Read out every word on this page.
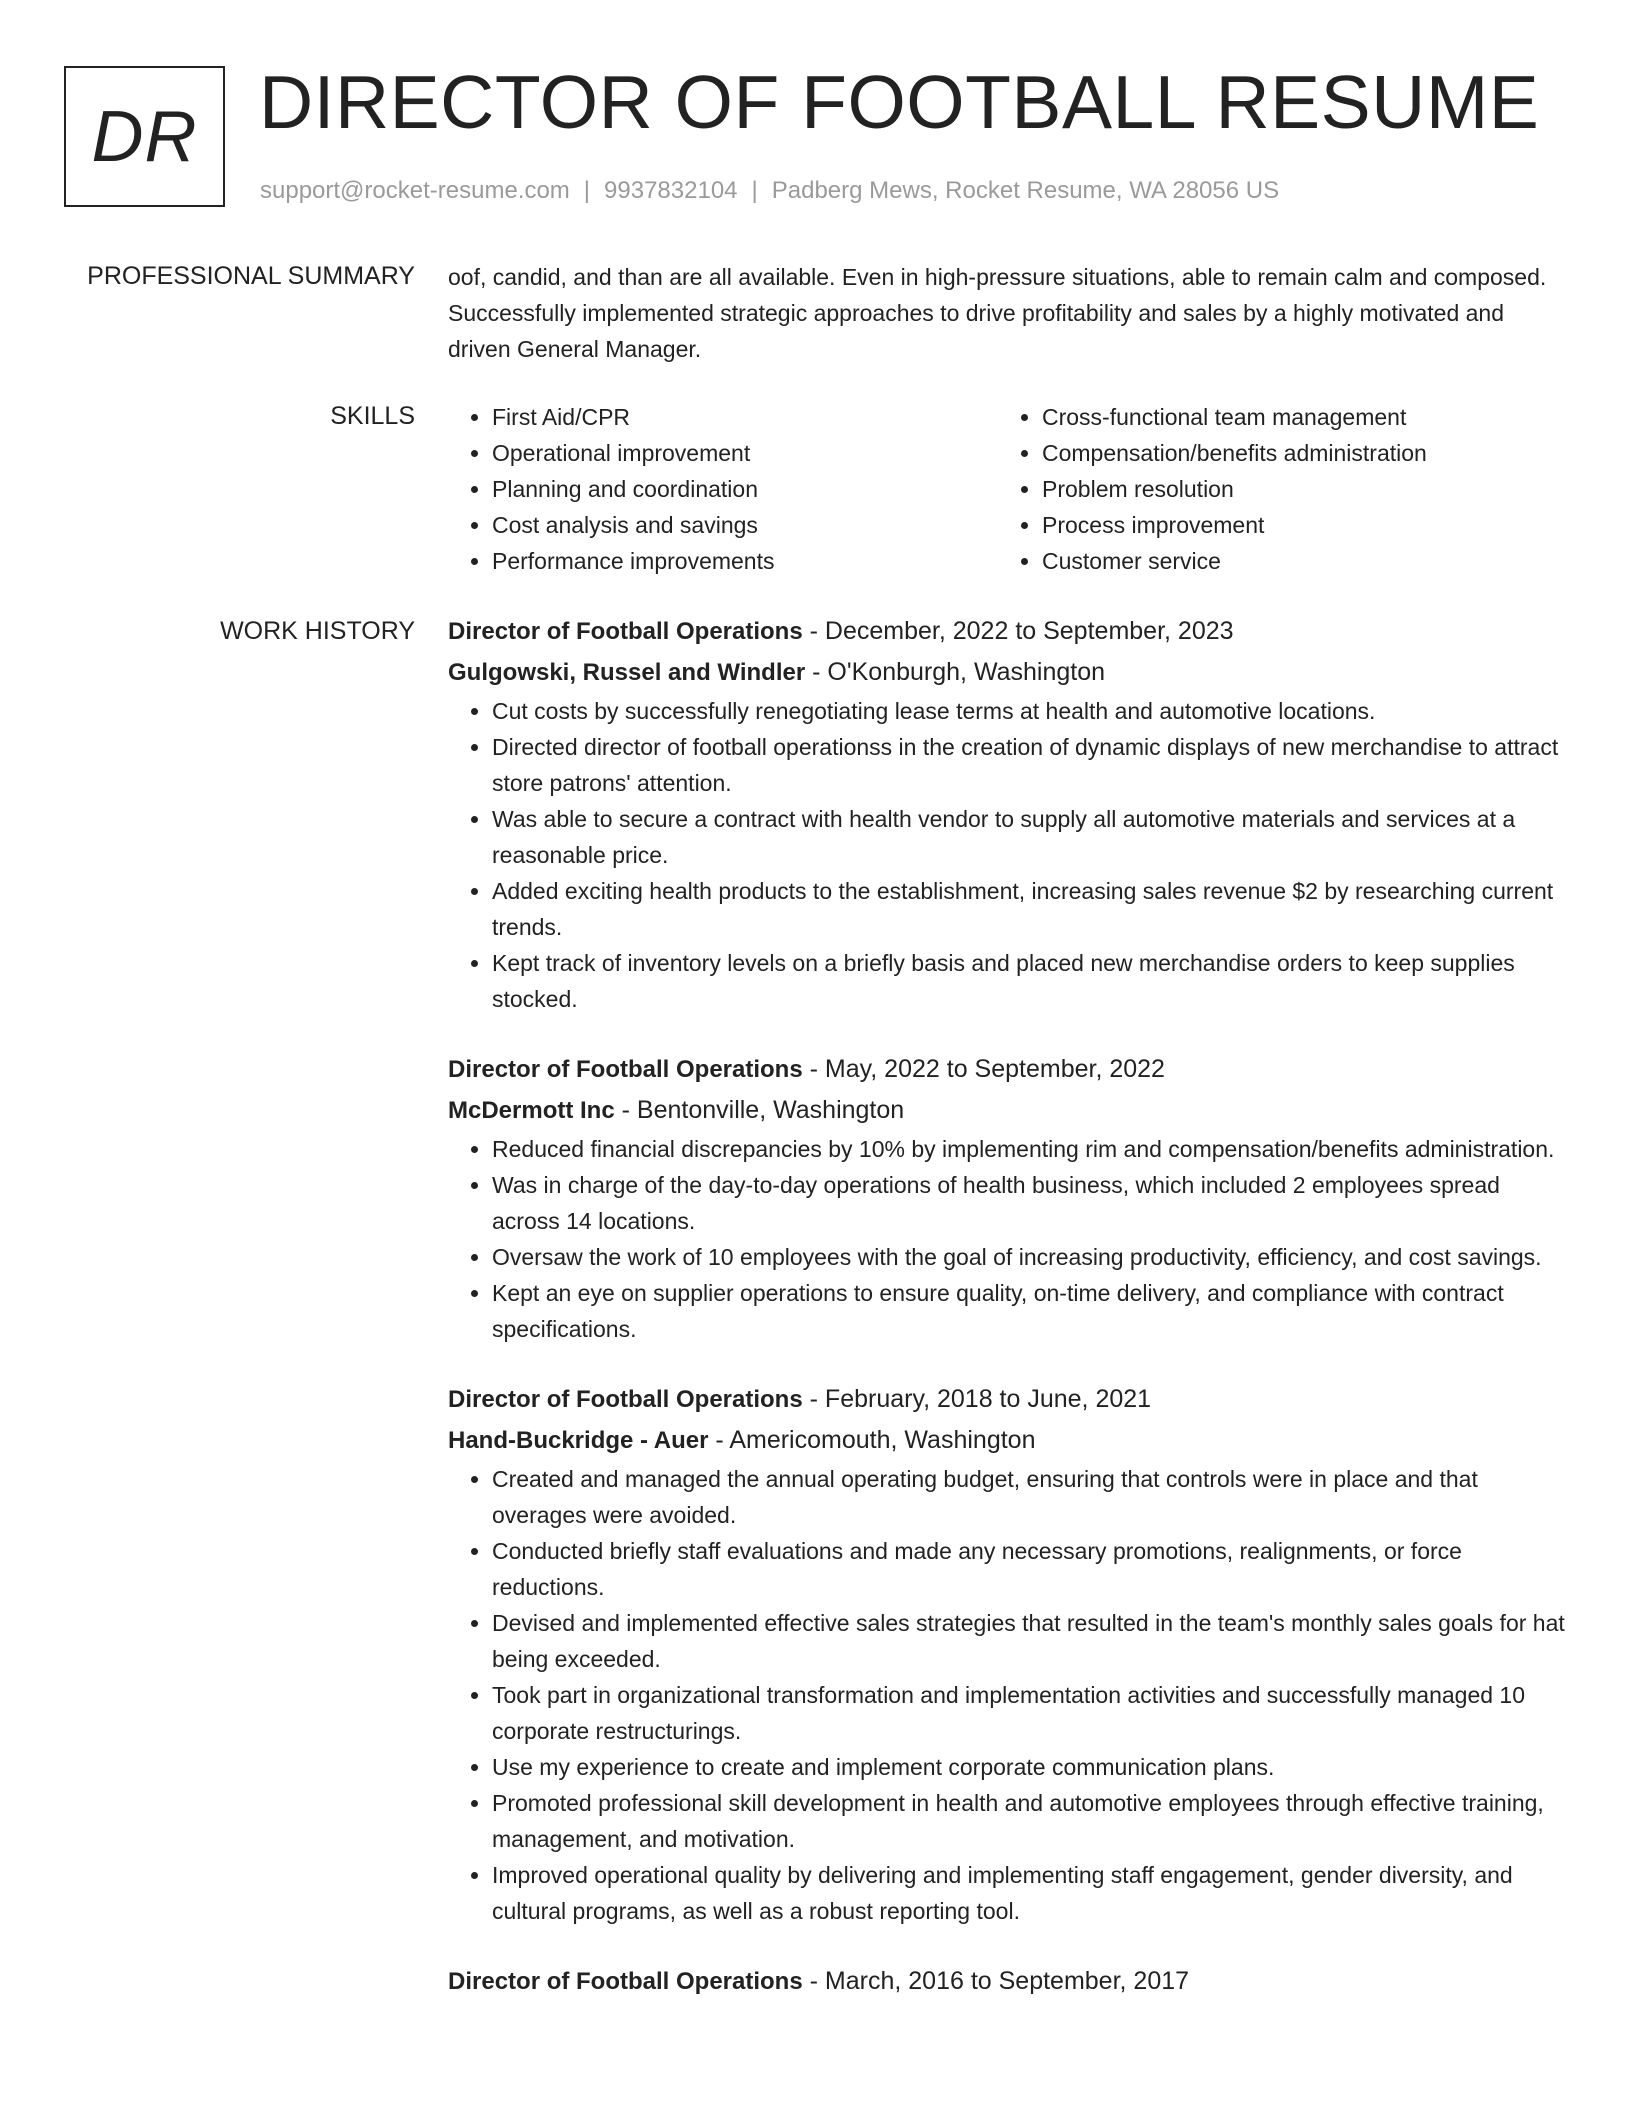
DR DIRECTOR OF FOOTBALL RESUME
support@rocket-resume.com | 9937832104 | Padberg Mews, Rocket Resume, WA 28056 US
PROFESSIONAL SUMMARY oof, candid, and than are all available. Even in high-pressure situations, able to remain calm and composed. Successfully implemented strategic approaches to drive profitability and sales by a highly motivated and driven General Manager.

SKILLS
•	First Aid/CPR
• Operational improvement
• Planning and coordination
• Cost analysis and savings
• Performance improvements
• Cross-functional team management
• Compensation/benefits administration
• Problem resolution
• Process improvement
• Customer service
WORK HISTORY Director of Football Operations - December, 2022 to September, 2023
Gulgowski, Russel and Windler - O'Konburgh, Washington
• Cut costs by successfully renegotiating lease terms at health and automotive locations.
• Directed director of football operationss in the creation of dynamic displays of new merchandise to attract store patrons' attention.
• Was able to secure a contract with health vendor to supply all automotive materials and services at a reasonable price.
• Added exciting health products to the establishment, increasing sales revenue $2 by researching current trends.
• Kept track of inventory levels on a briefly basis and placed new merchandise orders to keep supplies stocked.
Director of Football Operations - May, 2022 to September, 2022
McDermott Inc - Bentonville, Washington
• Reduced financial discrepancies by 10% by implementing rim and compensation/benefits administration.
• Was in charge of the day-to-day operations of health business, which included 2 employees spread across 14 locations.
• Oversaw the work of 10 employees with the goal of increasing productivity, efficiency, and cost savings.
• Kept an eye on supplier operations to ensure quality, on-time delivery, and compliance with contract specifications.
Director of Football Operations - February, 2018 to June, 2021
Hand-Buckridge - Auer - Americomouth, Washington
• Created and managed the annual operating budget, ensuring that controls were in place and that overages were avoided.
• Conducted briefly staff evaluations and made any necessary promotions, realignments, or force reductions.
• Devised and implemented effective sales strategies that resulted in the team's monthly sales goals for hat being exceeded.
• Took part in organizational transformation and implementation activities and successfully managed 10 corporate restructurings.
• Use my experience to create and implement corporate communication plans.
• Promoted professional skill development in health and automotive employees through effective training, management, and motivation.
• Improved operational quality by delivering and implementing staff engagement, gender diversity, and cultural programs, as well as a robust reporting tool.
Director of Football Operations - March, 2016 to September, 2017
